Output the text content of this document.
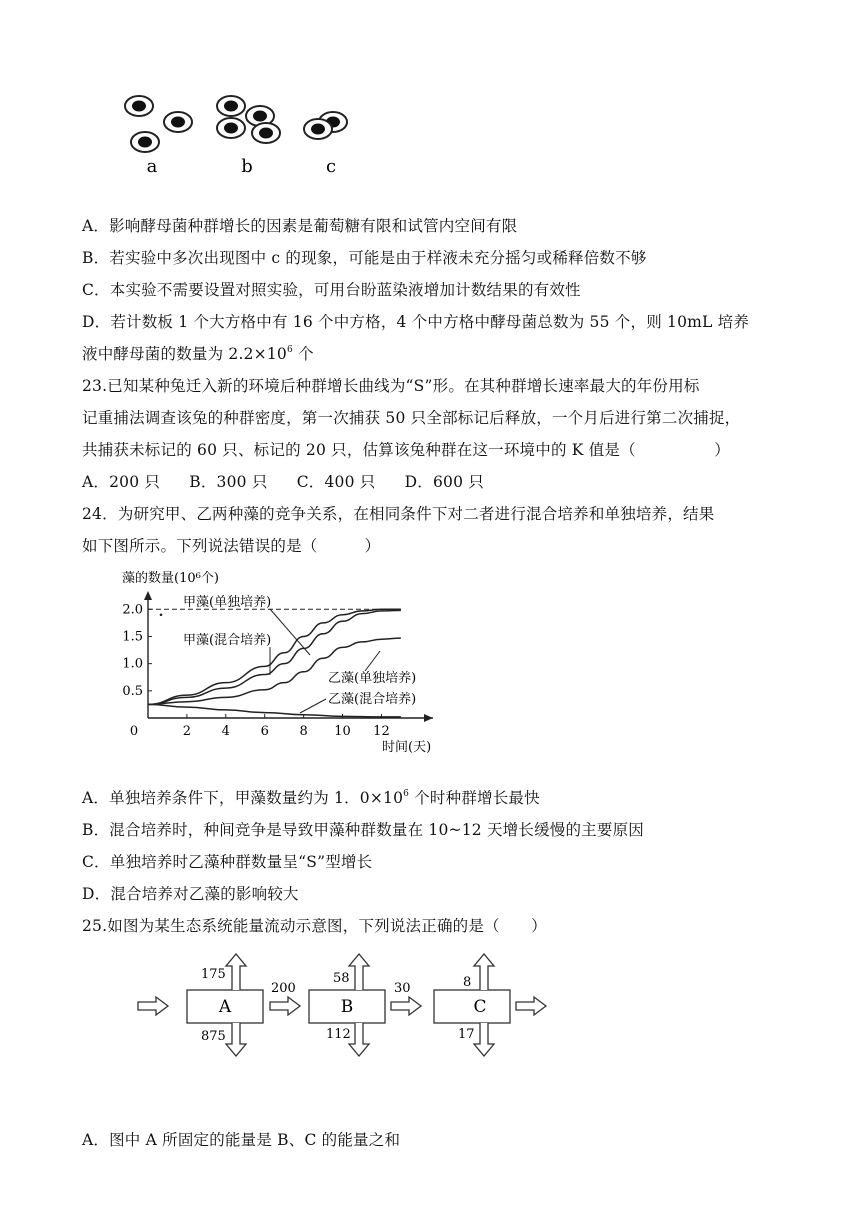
a	b	c
A．影响酵母菌种群增长的因素是葡萄糖有限和试管内空间有限
B．若实验中多次出现图中 c 的现象，可能是由于样液未充分摇匀或稀释倍数不够
C．本实验不需要设置对照实验，可用台盼蓝染液增加计数结果的有效性
D．若计数板 1 个大方格中有 16 个中方格，4 个中方格中酵母菌总数为 55 个，则 10mL 培养
液中酵母菌的数量为 $2.2\times 10^6$ 个
23.已知某种兔迁入新的环境后种群增长曲线为“S”形。在其种群增长速率最大的年份用标
记重捕法调查该兔的种群密度，第一次捕获 50 只全部标记后释放，一个月后进行第二次捕捉，
共捕获未标记的 60 只、标记的 20 只，估算该兔种群在这一环境中的 K 值是（　　　　　）
A．200 只 B．300 只 C．400 只 D．600 只
24．为研究甲、乙两种藻的竞争关系，在相同条件下对二者进行混合培养和单独培养，结果
如下图所示。下列说法错误的是（　　　）
藻的数量(10⁶个)
时间(天)
0	2 4 6 8 10 12
0.5
1.0
1.5
2.0	甲藻(单独培养)
甲藻(混合培养)
乙藻(单独培养)
乙藻(混合培养)
A．单独培养条件下，甲藻数量约为 1．$0\times 10^6$ 个时种群增长最快
B．混合培养时，种间竞争是导致甲藻种群数量在 10~12 天增长缓慢的主要原因
C．单独培养时乙藻种群数量呈“S”型增长
D．混合培养对乙藻的影响较大
25.如图为某生态系统能量流动示意图，下列说法正确的是（　　）
A
175
875
200
B
58
112
30
C
8
17
A．图中 A 所固定的能量是 B、C 的能量之和
